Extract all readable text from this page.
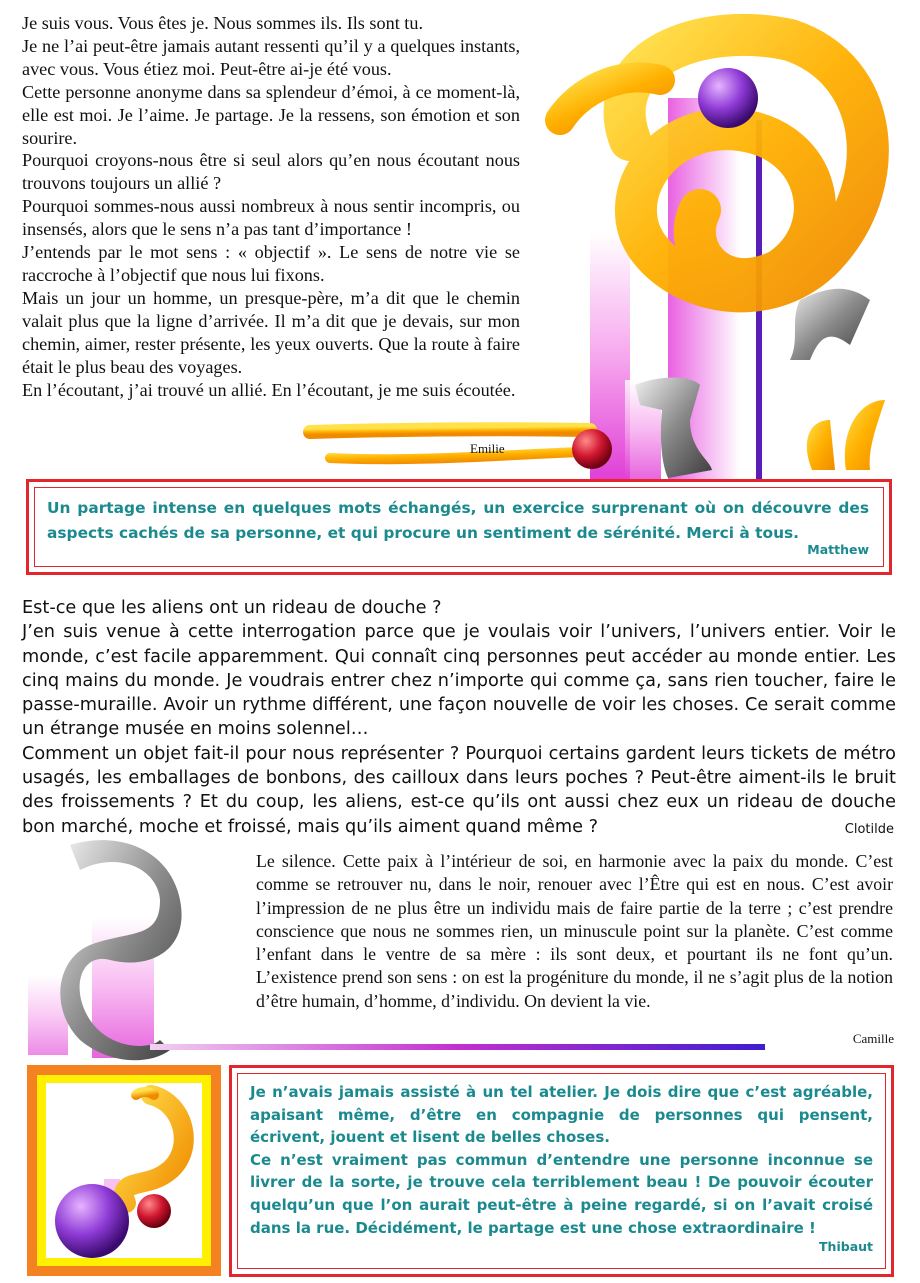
Je suis vous. Vous êtes je. Nous sommes ils. Ils sont tu.

Je ne l’ai peut-être jamais autant ressenti qu’il y a quelques instants, avec vous. Vous étiez moi. Peut-être ai-je été vous.

Cette personne anonyme dans sa splendeur d’émoi, à ce moment-là, elle est moi. Je l’aime. Je partage. Je la ressens, son émotion et son sourire.

Pourquoi croyons-nous être si seul alors qu’en nous écoutant nous trouvons toujours un allié ?

Pourquoi sommes-nous aussi nombreux à nous sentir incompris, ou insensés, alors que le sens n’a pas tant d’importance !

J’entends par le mot sens : « objectif ». Le sens de notre vie se raccroche à l’objectif que nous lui fixons.

Mais un jour un homme, un presque-père, m’a dit que le chemin valait plus que la ligne d’arrivée. Il m’a dit que je devais, sur mon chemin, aimer, rester présente, les yeux ouverts. Que la route à faire était le plus beau des voyages.

En l’écoutant, j’ai trouvé un allié. En l’écoutant, je me suis écoutée.

Emilie
Un partage intense en quelques mots échangés, un exercice surprenant où on découvre des aspects cachés de sa personne, et qui procure un sentiment de sérénité. Merci à tous.
Matthew

Est-ce que les aliens ont un rideau de douche ?

J’en suis venue à cette interrogation parce que je voulais voir l’univers, l’univers entier. Voir le monde, c’est facile apparemment. Qui connaît cinq personnes peut accéder au monde entier. Les cinq mains du monde. Je voudrais entrer chez n’importe qui comme ça, sans rien toucher, faire le passe-muraille. Avoir un rythme différent, une façon nouvelle de voir les choses. Ce serait comme un étrange musée en moins solennel…

Comment un objet fait-il pour nous représenter ? Pourquoi certains gardent leurs tickets de métro usagés, les emballages de bonbons, des cailloux dans leurs poches ? Peut-être aiment-ils le bruit des froissements ? Et du coup, les aliens, est-ce qu’ils ont aussi chez eux un rideau de douche bon marché, moche et froissé, mais qu’ils aiment quand même ?	Clotilde
Le silence. Cette paix à l’intérieur de soi, en harmonie avec la paix du monde. C’est comme se retrouver nu, dans le noir, renouer avec l’Être qui est en nous. C’est avoir l’impression de ne plus être un individu mais de faire partie de la terre ; c’est prendre conscience que nous ne sommes rien, un minuscule point sur la planète. C’est comme l’enfant dans le ventre de sa mère : ils sont deux, et pourtant ils ne font qu’un. L’existence prend son sens : on est la progéniture du monde, il ne s’agit plus de la notion d’être humain, d’homme, d’individu. On devient la vie.
Camille

Je n’avais jamais assisté à un tel atelier. Je dois dire que c’est agréable, apaisant même, d’être en compagnie de personnes qui pensent, écrivent, jouent et lisent de belles choses.

Ce n’est vraiment pas commun d’entendre une personne inconnue se livrer de la sorte, je trouve cela terriblement beau ! De pouvoir écouter quelqu’un que l’on aurait peut-être à peine regardé, si on l’avait croisé dans la rue. Décidément, le partage est une chose extraordinaire !

Thibaut
